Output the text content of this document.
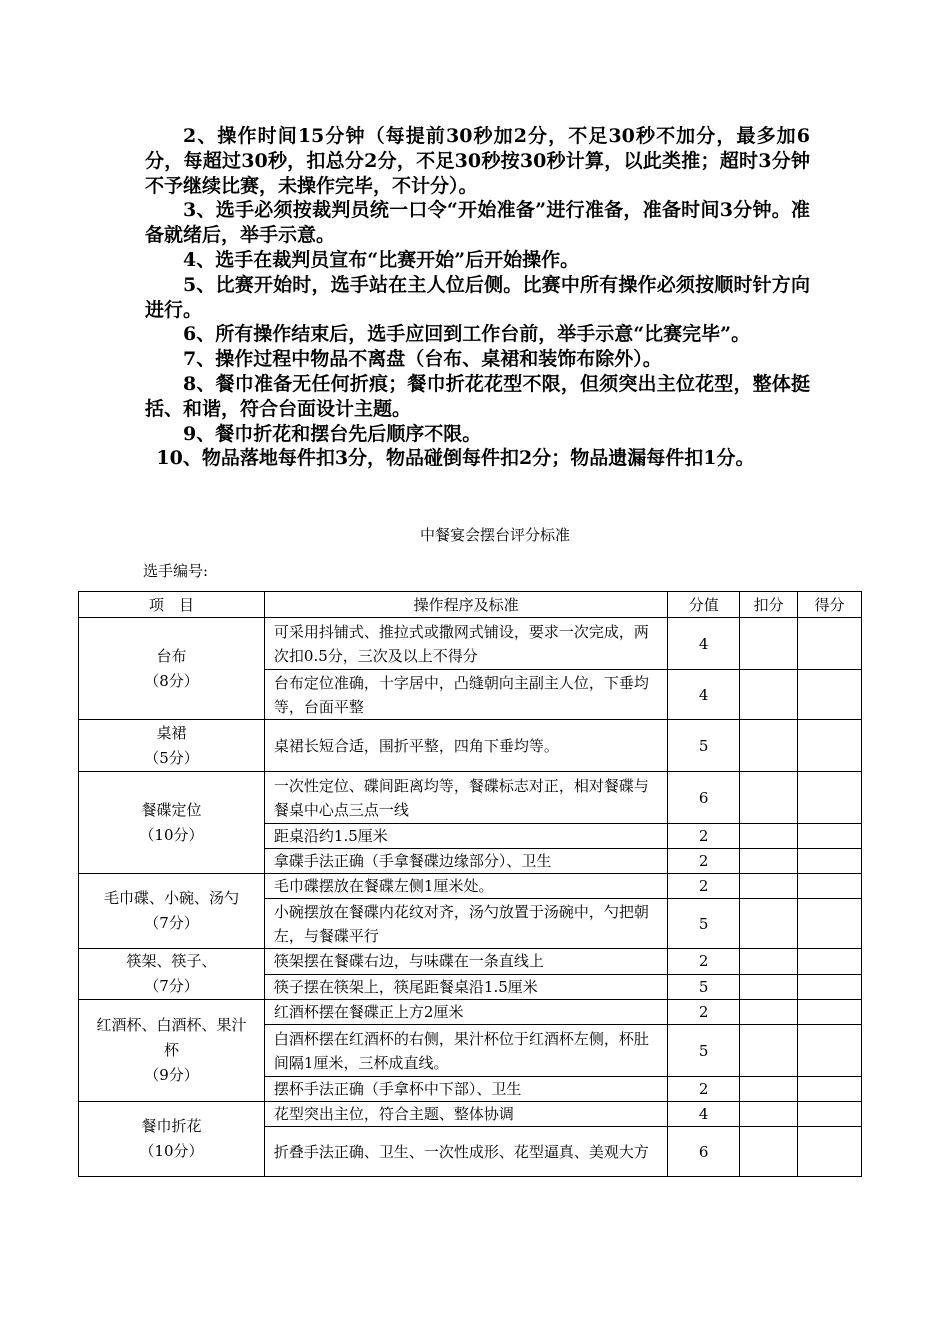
2、操作时间15分钟（每提前30秒加2分，不足30秒不加分，最多加6分，每超过30秒，扣总分2分，不足30秒按30秒计算，以此类推；超时3分钟不予继续比赛，未操作完毕，不计分）。

3、选手必须按裁判员统一口令“开始准备”进行准备，准备时间3分钟。准备就绪后，举手示意。

4、选手在裁判员宣布“比赛开始”后开始操作。

5、比赛开始时，选手站在主人位后侧。比赛中所有操作必须按顺时针方向进行。

6、所有操作结束后，选手应回到工作台前，举手示意“比赛完毕”。

7、操作过程中物品不离盘（台布、桌裙和装饰布除外）。

8、餐巾准备无任何折痕；餐巾折花花型不限，但须突出主位花型，整体挺括、和谐，符合台面设计主题。

9、餐巾折花和摆台先后顺序不限。

10、物品落地每件扣3分，物品碰倒每件扣2分；物品遗漏每件扣1分。

中餐宴会摆台评分标准
选手编号:
项　目	操作程序及标准	分值	扣分	得分

台布
（8分）	可采用抖铺式、推拉式或撒网式铺设，要求一次完成，两次扣0.5分，三次及以上不得分	4		
	台布定位准确，十字居中，凸缝朝向主副主人位，下垂均等，台面平整	4		

桌裙
（5分）	桌裙长短合适，围折平整，四角下垂均等。	5		

餐碟定位
（10分）	一次性定位、碟间距离均等，餐碟标志对正，相对餐碟与餐桌中心点三点一线	6		
	距桌沿约1.5厘米	2		
	拿碟手法正确（手拿餐碟边缘部分）、卫生	2		

毛巾碟、小碗、汤勺
（7分）	毛巾碟摆放在餐碟左侧1厘米处。	2		
	小碗摆放在餐碟内花纹对齐，汤勺放置于汤碗中，勺把朝左，与餐碟平行	5		

筷架、筷子、
（7分）	筷架摆在餐碟右边，与味碟在一条直线上	2		
	筷子摆在筷架上，筷尾距餐桌沿1.5厘米	5		

红酒杯、白酒杯、果汁杯
（9分）	红酒杯摆在餐碟正上方2厘米	2		
	白酒杯摆在红酒杯的右侧，果汁杯位于红酒杯左侧，杯肚间隔1厘米，三杯成直线。	5		
	摆杯手法正确（手拿杯中下部）、卫生	2		

餐巾折花
（10分）	花型突出主位，符合主题、整体协调	4		
	折叠手法正确、卫生、一次性成形、花型逼真、美观大方	6		
